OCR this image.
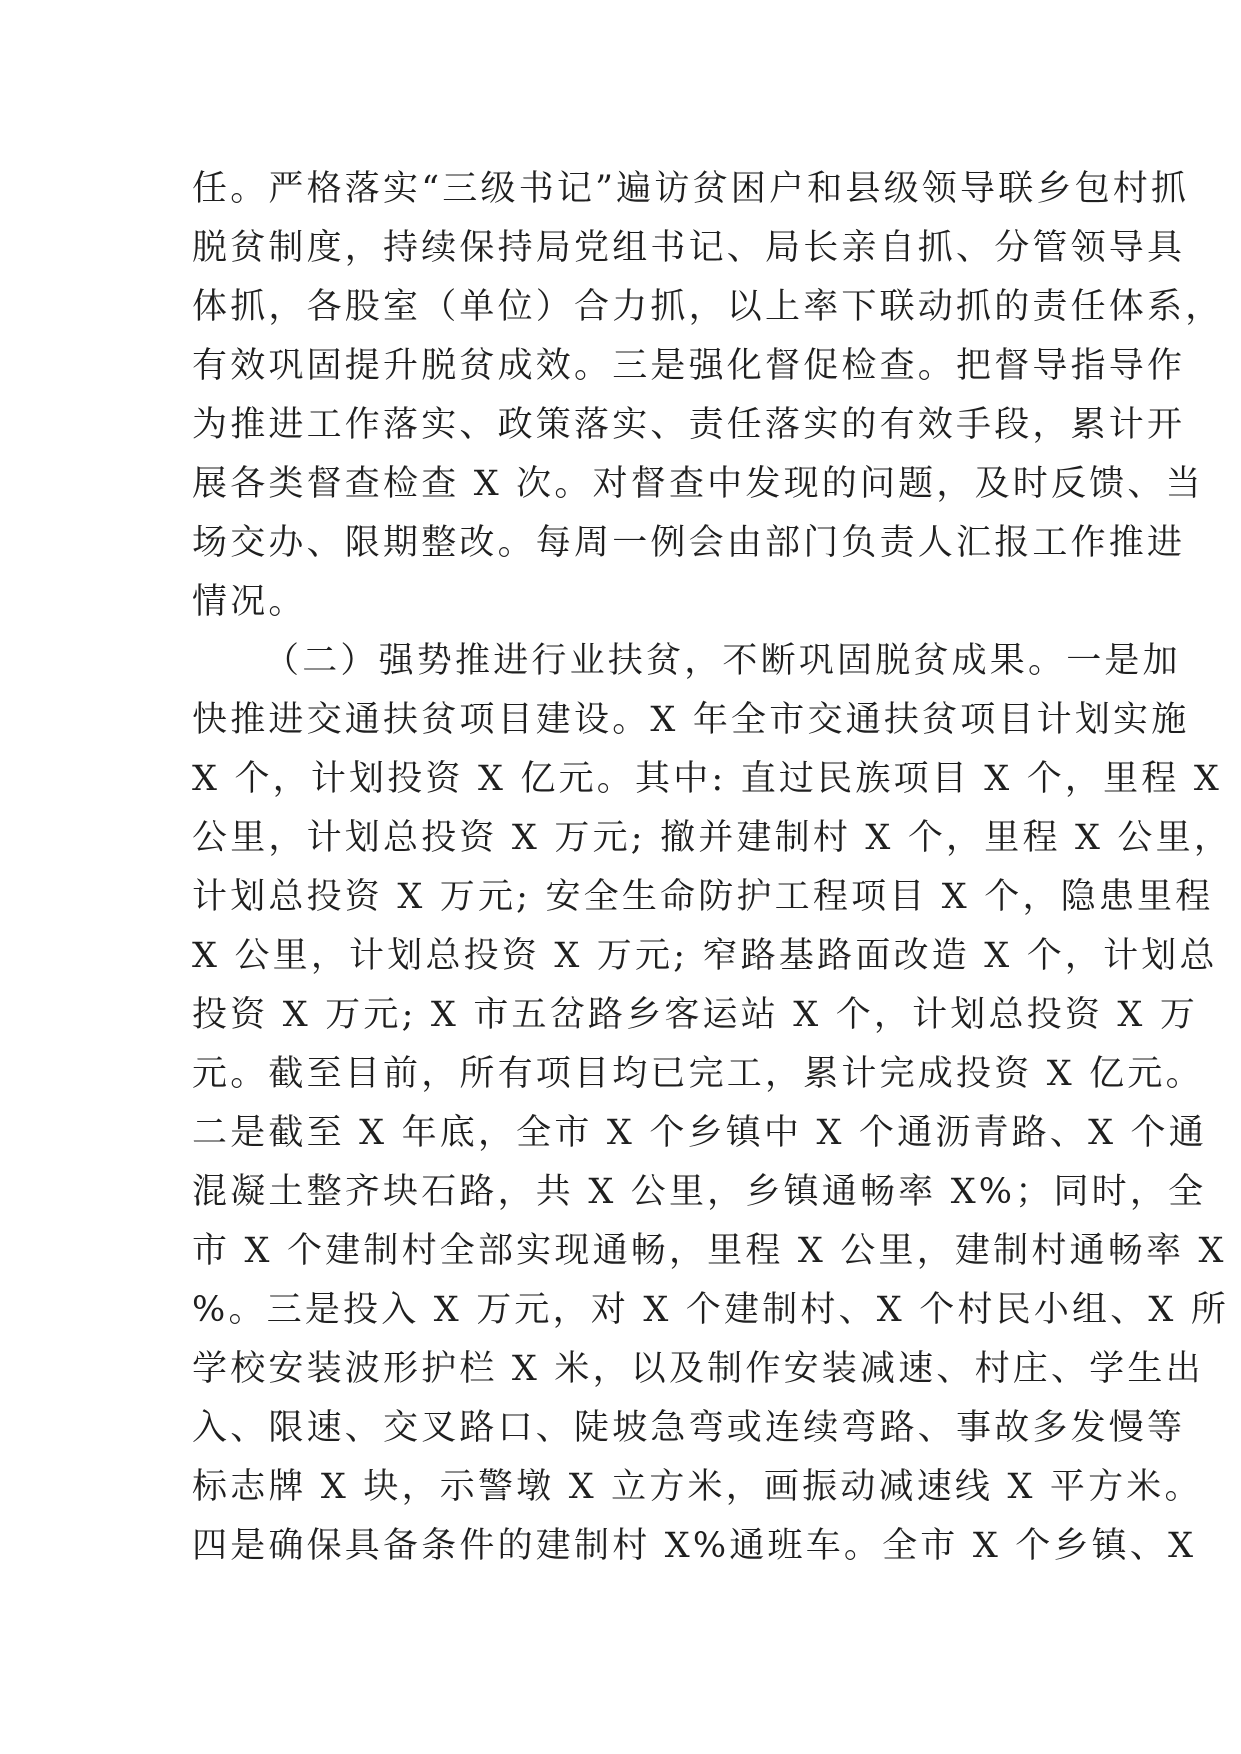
任。严格落实“三级书记”遍访贫困户和县级领导联乡包村抓
脱贫制度，持续保持局党组书记、局长亲自抓、分管领导具
体抓，各股室（单位）合力抓，以上率下联动抓的责任体系，
有效巩固提升脱贫成效。三是强化督促检查。把督导指导作
为推进工作落实、政策落实、责任落实的有效手段，累计开
展各类督查检查 X 次。对督查中发现的问题，及时反馈、当
场交办、限期整改。每周一例会由部门负责人汇报工作推进
情况。
（二）强势推进行业扶贫，不断巩固脱贫成果。一是加
快推进交通扶贫项目建设。X 年全市交通扶贫项目计划实施
X 个，计划投资 X 亿元。其中: 直过民族项目 X 个，里程 X
公里，计划总投资 X 万元; 撤并建制村 X 个，里程 X 公里，
计划总投资 X 万元; 安全生命防护工程项目 X 个，隐患里程
X 公里，计划总投资 X 万元; 窄路基路面改造 X 个，计划总
投资 X 万元; X 市五岔路乡客运站 X 个，计划总投资 X 万
元。截至目前，所有项目均已完工，累计完成投资 X 亿元。
二是截至 X 年底，全市 X 个乡镇中 X 个通沥青路、X 个通
混凝土整齐块石路，共 X 公里，乡镇通畅率 X%；同时，全
市 X 个建制村全部实现通畅，里程 X 公里，建制村通畅率 X
%。三是投入 X 万元，对 X 个建制村、X 个村民小组、X 所
学校安装波形护栏 X 米，以及制作安装减速、村庄、学生出
入、限速、交叉路口、陡坡急弯或连续弯路、事故多发慢等
标志牌 X 块，示警墩 X 立方米，画振动减速线 X 平方米。
四是确保具备条件的建制村 X%通班车。全市 X 个乡镇、X
